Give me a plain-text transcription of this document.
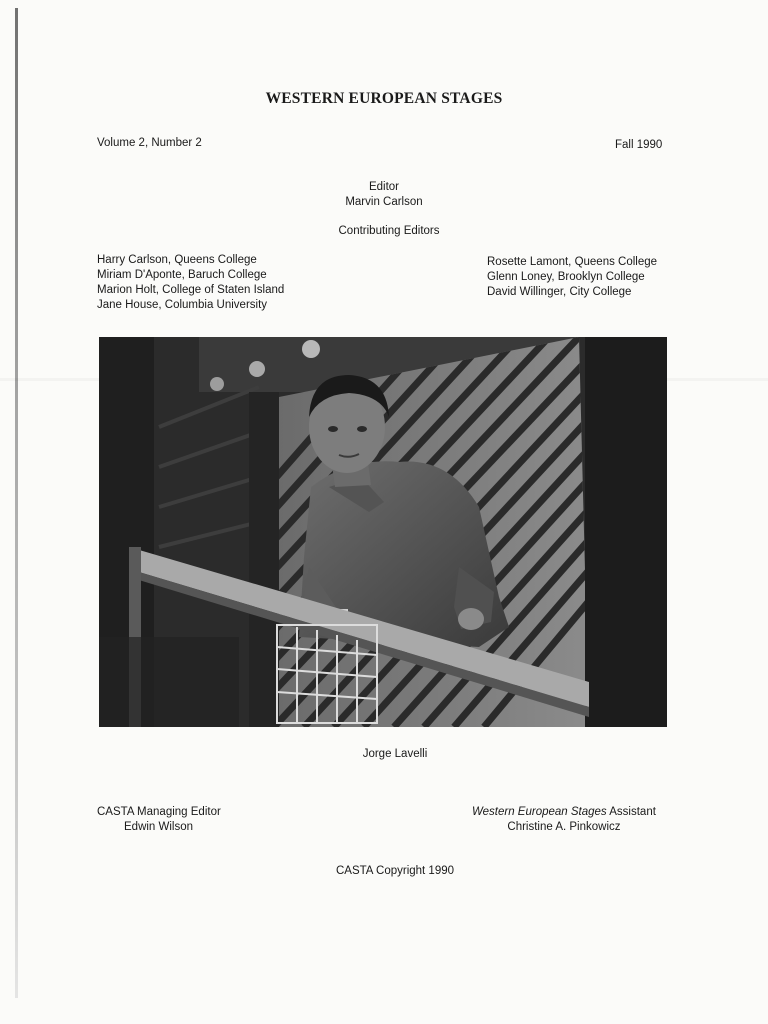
WESTERN EUROPEAN STAGES
Volume 2, Number 2	Fall 1990
Editor
Marvin Carlson
Contributing Editors
Harry Carlson, Queens College
Miriam D'Aponte, Baruch College
Marion Holt, College of Staten Island
Jane House, Columbia University
Rosette Lamont, Queens College
Glenn Loney, Brooklyn College
David Willinger, City College
Jorge Lavelli
CASTA Managing Editor
Edwin Wilson
Western European Stages Assistant
Christine A. Pinkowicz
CASTA Copyright 1990
